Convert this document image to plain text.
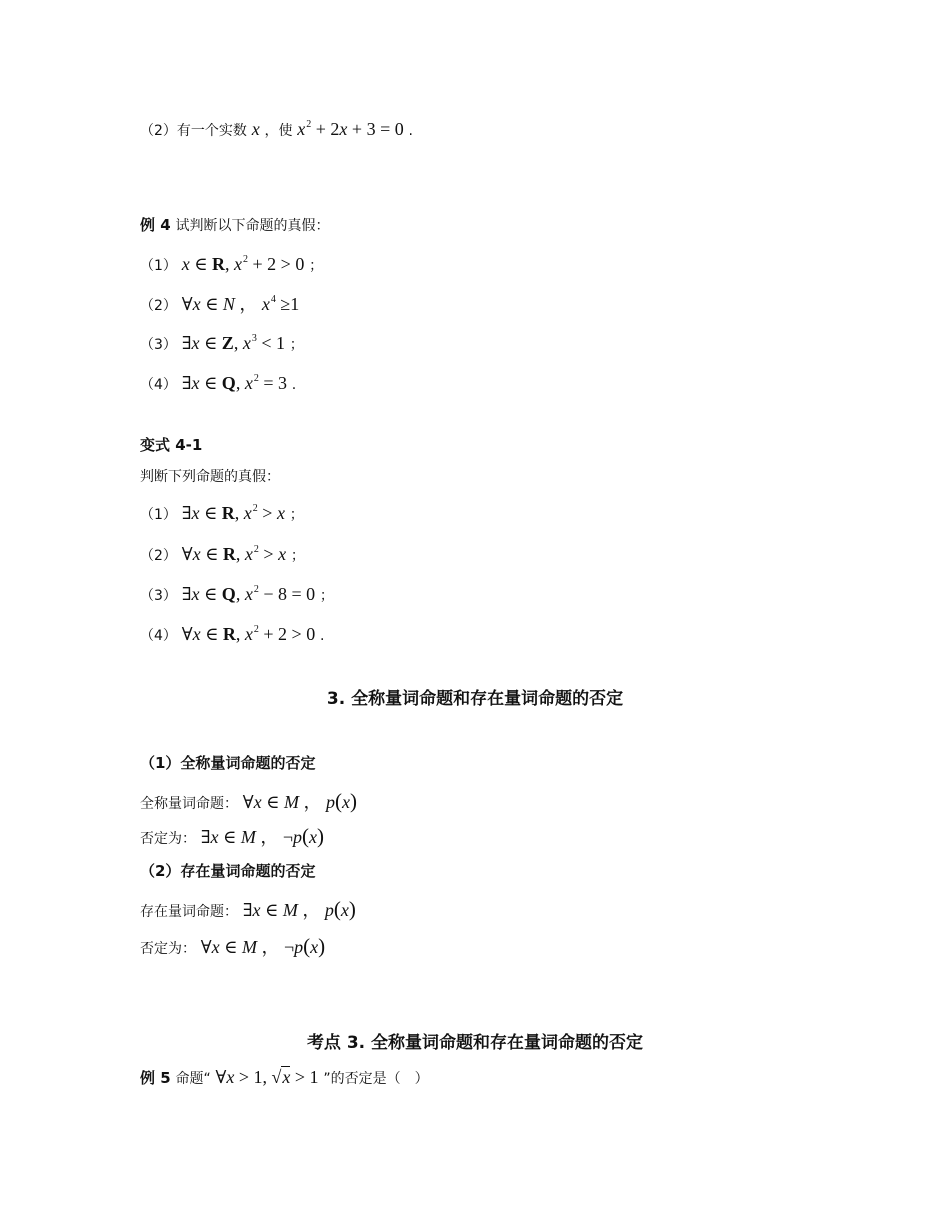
（2）有一个实数 x ，使 $x^2 + 2x + 3 = 0$ .
例 4 试判断以下命题的真假：
（1） x ∈ R, $x^2 + 2 > 0$ ；
（2） ∀x ∈ N ， $x^4 \ge 1$
（3） ∃x ∈ Z, $x^3 < 1$ ；
（4） ∃x ∈ Q, $x^2 = 3$ .
变式 4-1
判断下列命题的真假：
（1） ∃x ∈ R, $x^2 > x$ ；
（2） ∀x ∈ R, $x^2 > x$ ；
（3） ∃x ∈ Q, $x^2 - 8 = 0$ ；
（4） ∀x ∈ R, $x^2 + 2 > 0$ .
3. 全称量词命题和存在量词命题的否定
（1）全称量词命题的否定
全称量词命题： ∀x ∈ M ， p(x)
否定为： ∃x ∈ M ， ¬p(x)
（2）存在量词命题的否定
存在量词命题： ∃x ∈ M ， p(x)
否定为： ∀x ∈ M ， ¬p(x)
考点 3. 全称量词命题和存在量词命题的否定
例 5 命题“ ∀x > 1, √x > 1 ”的否定是（　）
